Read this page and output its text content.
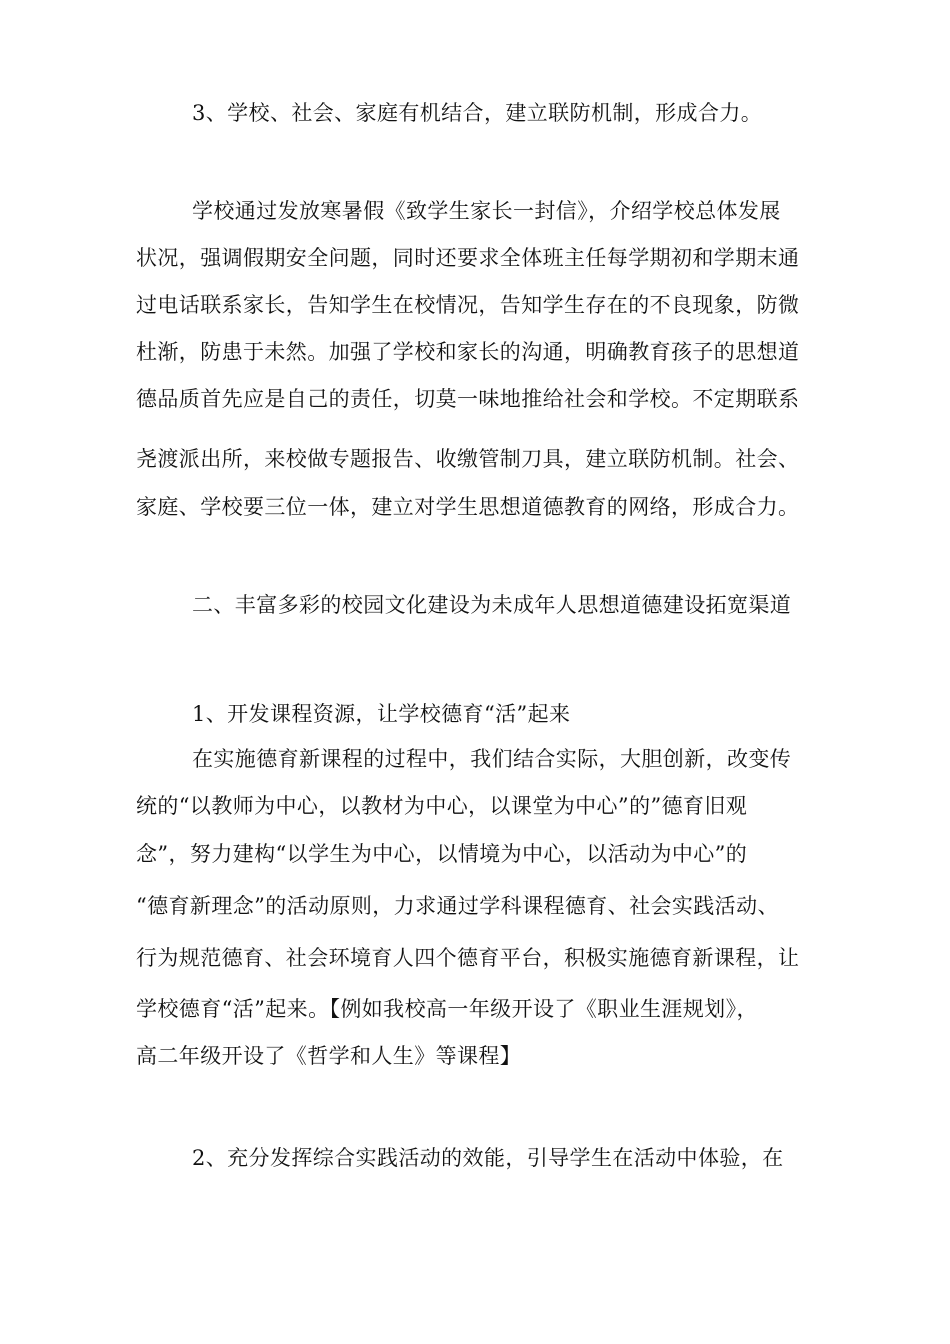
3、学校、社会、家庭有机结合，建立联防机制，形成合力。
学校通过发放寒暑假《致学生家长一封信》，介绍学校总体发展
状况，强调假期安全问题，同时还要求全体班主任每学期初和学期末通
过电话联系家长，告知学生在校情况，告知学生存在的不良现象，防微
杜渐，防患于未然。加强了学校和家长的沟通，明确教育孩子的思想道
德品质首先应是自己的责任，切莫一味地推给社会和学校。不定期联系
尧渡派出所，来校做专题报告、收缴管制刀具，建立联防机制。社会、
家庭、学校要三位一体，建立对学生思想道德教育的网络，形成合力。
二、丰富多彩的校园文化建设为未成年人思想道德建设拓宽渠道
1、开发课程资源，让学校德育“活”起来
在实施德育新课程的过程中，我们结合实际，大胆创新，改变传
统的“以教师为中心，以教材为中心，以课堂为中心”的”德育旧观
念”，努力建构“以学生为中心，以情境为中心，以活动为中心”的
“德育新理念”的活动原则，力求通过学科课程德育、社会实践活动、
行为规范德育、社会环境育人四个德育平台，积极实施德育新课程，让
学校德育“活”起来。【例如我校高一年级开设了《职业生涯规划》，
高二年级开设了《哲学和人生》等课程】
2、充分发挥综合实践活动的效能，引导学生在活动中体验，在
